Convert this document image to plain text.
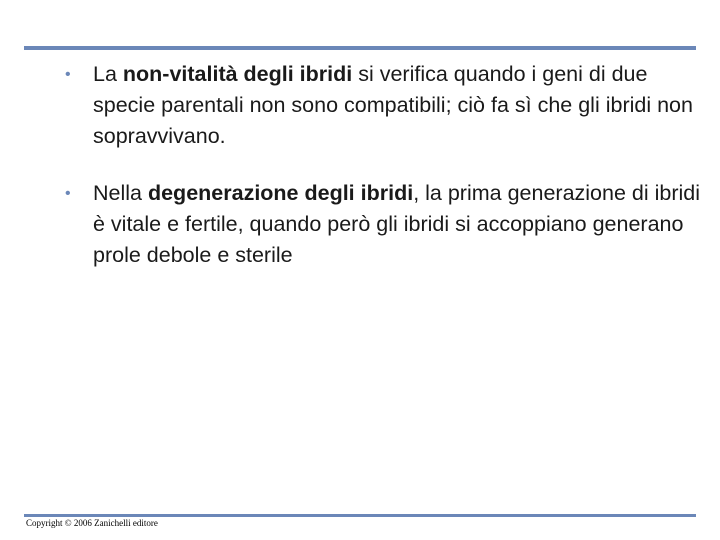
• La non-vitalità degli ibridi si verifica quando i geni di due specie parentali non sono compatibili; ciò fa sì che gli ibridi non sopravvivano.
• Nella degenerazione degli ibridi, la prima generazione di ibridi è vitale e fertile, quando però gli ibridi si accoppiano generano prole debole e sterile
Copyright © 2006 Zanichelli editore
